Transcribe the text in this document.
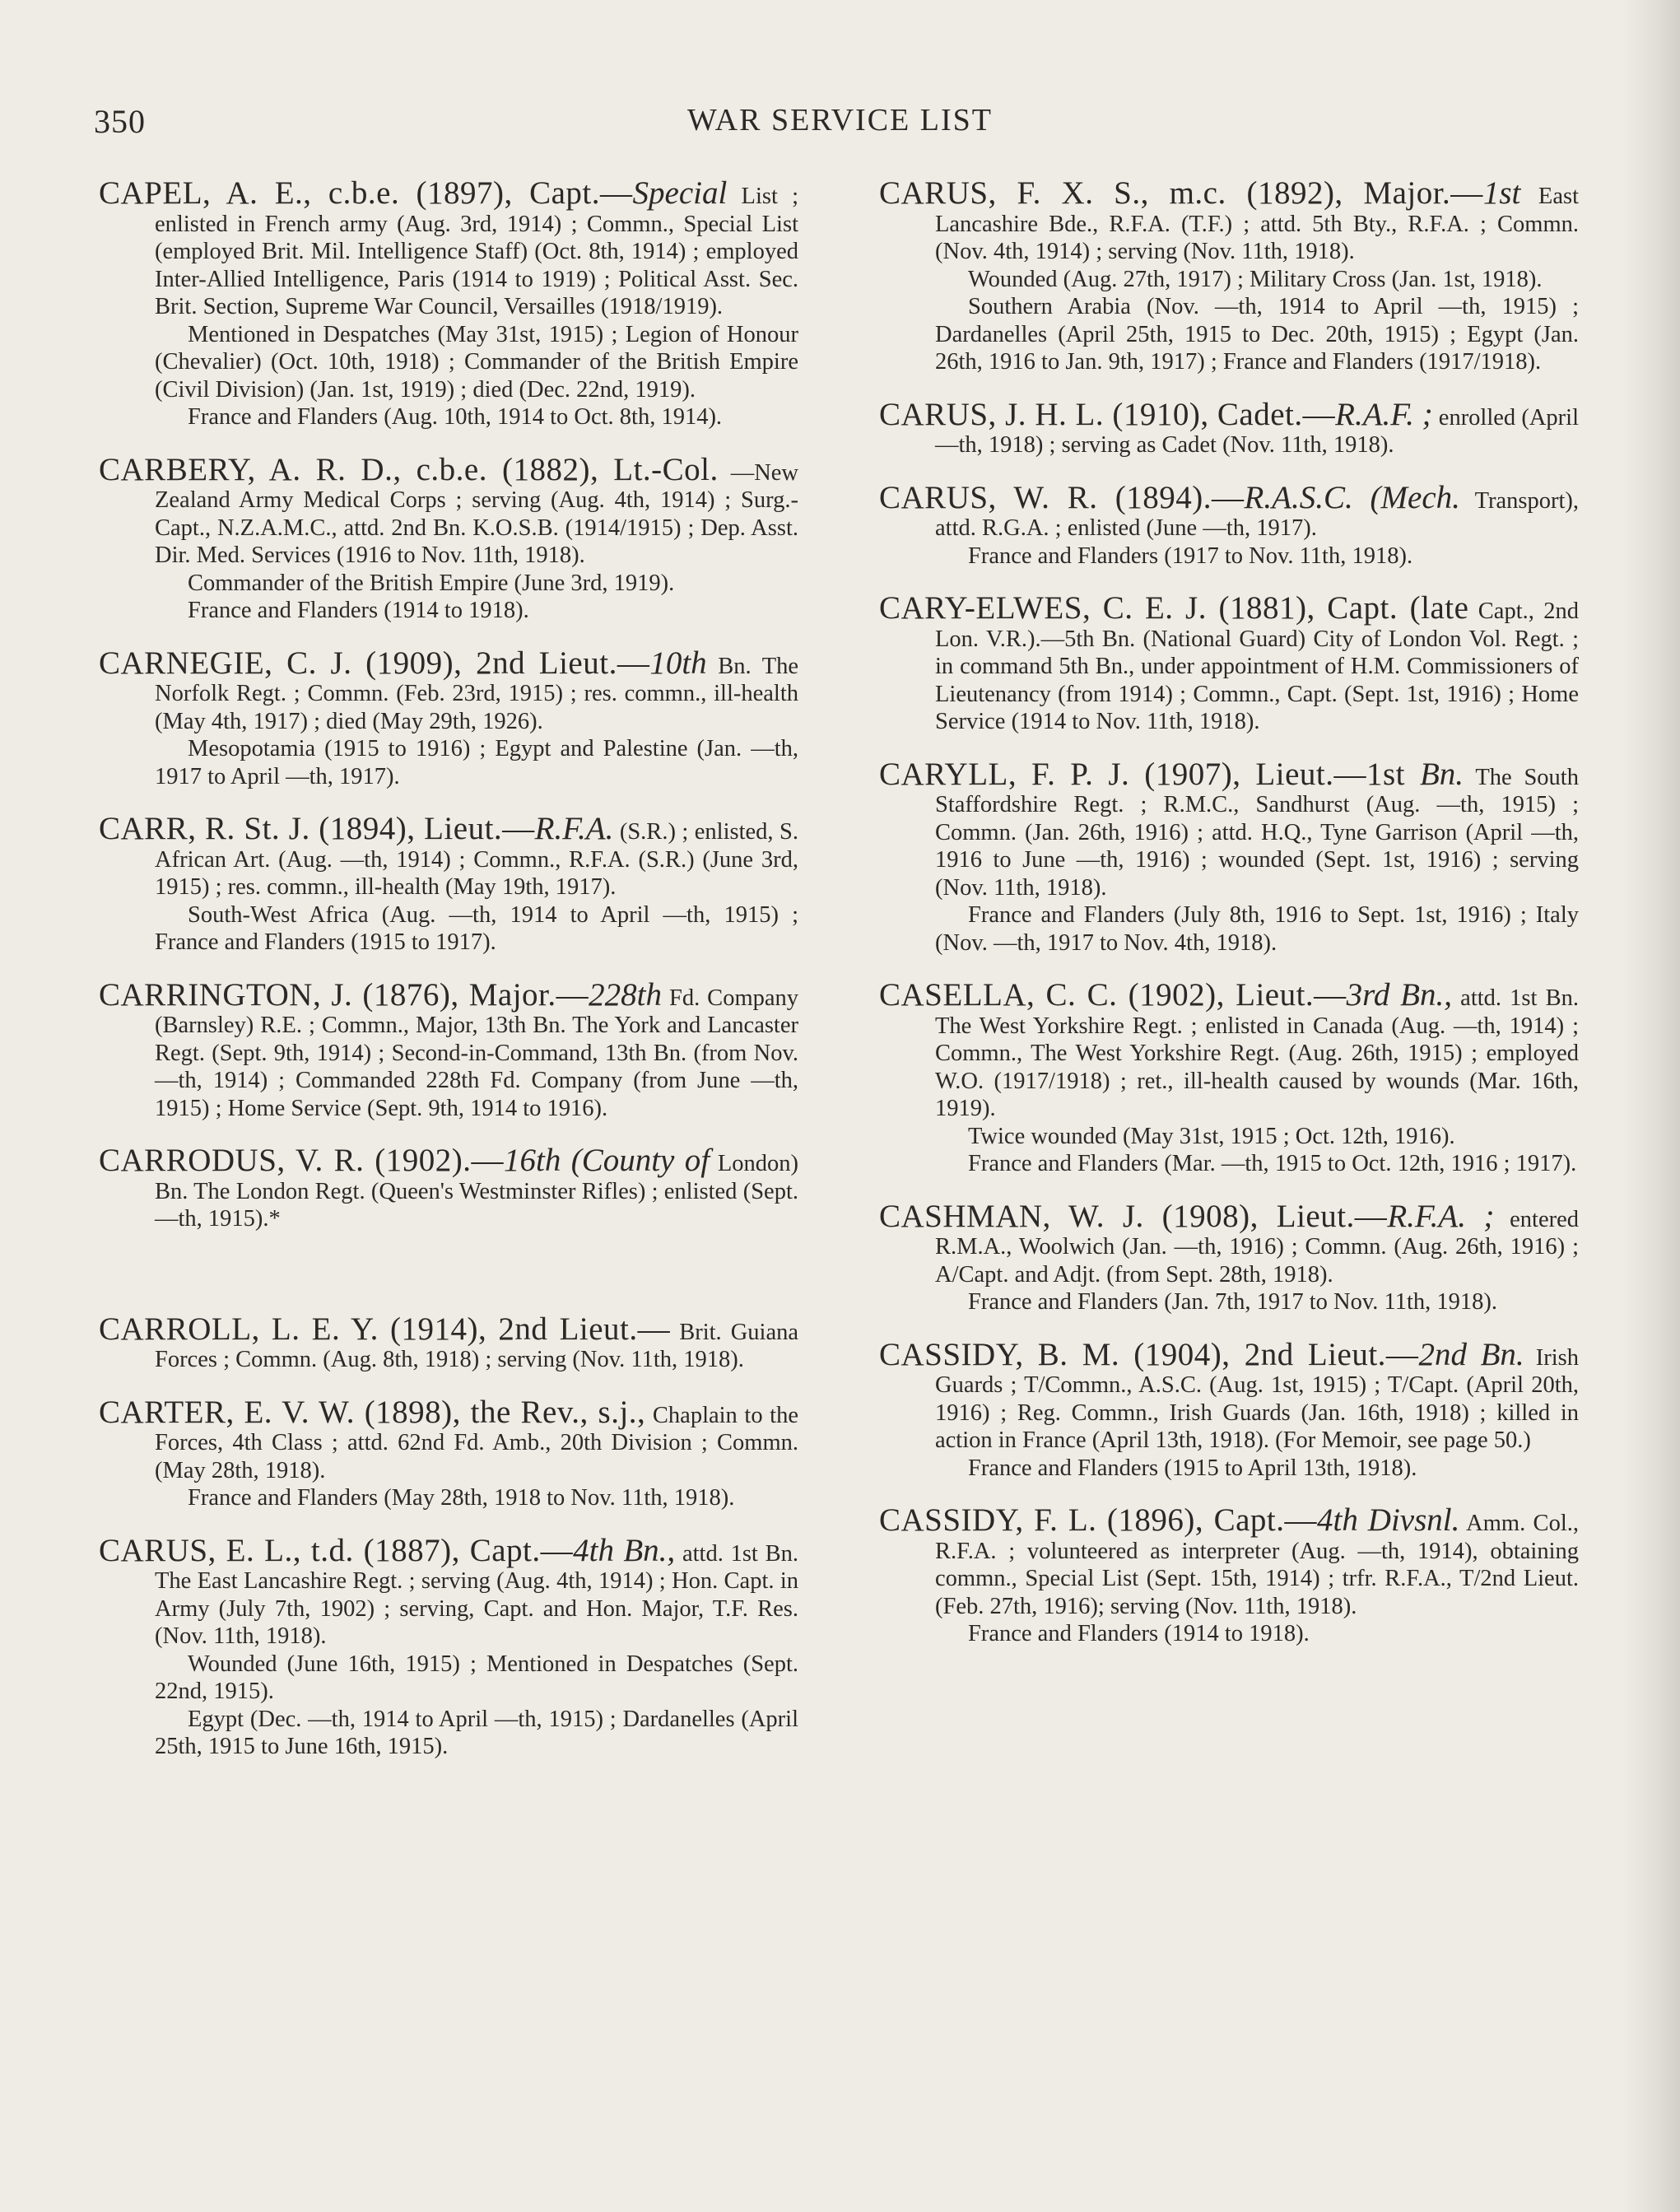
350	WAR SERVICE LIST

CAPEL, A. E., c.b.e. (1897), Capt.—Special List ; enlisted in French army (Aug. 3rd, 1914) ; Commn., Special List (employed Brit. Mil. Intelligence Staff) (Oct. 8th, 1914) ; employed Inter-Allied Intelligence, Paris (1914 to 1919) ; Political Asst. Sec. Brit. Section, Supreme War Council, Versailles (1918/1919).

Mentioned in Despatches (May 31st, 1915) ; Legion of Honour (Chevalier) (Oct. 10th, 1918) ; Commander of the British Empire (Civil Division) (Jan. 1st, 1919) ; died (Dec. 22nd, 1919).

France and Flanders (Aug. 10th, 1914 to Oct. 8th, 1914).

CARBERY, A. R. D., c.b.e. (1882), Lt.-Col. —New Zealand Army Medical Corps ; serving (Aug. 4th, 1914) ; Surg.-Capt., N.Z.A.M.C., attd. 2nd Bn. K.O.S.B. (1914/1915) ; Dep. Asst. Dir. Med. Services (1916 to Nov. 11th, 1918).

Commander of the British Empire (June 3rd, 1919).

France and Flanders (1914 to 1918).

CARNEGIE, C. J. (1909), 2nd Lieut.—10th Bn. The Norfolk Regt. ; Commn. (Feb. 23rd, 1915) ; res. commn., ill-health (May 4th, 1917) ; died (May 29th, 1926).

Mesopotamia (1915 to 1916) ; Egypt and Palestine (Jan. —th, 1917 to April —th, 1917).

CARR, R. St. J. (1894), Lieut.—R.F.A. (S.R.) ; enlisted, S. African Art. (Aug. —th, 1914) ; Commn., R.F.A. (S.R.) (June 3rd, 1915) ; res. commn., ill-health (May 19th, 1917).

South-West Africa (Aug. —th, 1914 to April —th, 1915) ; France and Flanders (1915 to 1917).

CARRINGTON, J. (1876), Major.—228th Fd. Company (Barnsley) R.E. ; Commn., Major, 13th Bn. The York and Lancaster Regt. (Sept. 9th, 1914) ; Second-in-Command, 13th Bn. (from Nov. —th, 1914) ; Commanded 228th Fd. Company (from June —th, 1915) ; Home Service (Sept. 9th, 1914 to 1916).

CARRODUS, V. R. (1902).—16th (County of London) Bn. The London Regt. (Queen's Westminster Rifles) ; enlisted (Sept. —th, 1915).*

CARROLL, L. E. Y. (1914), 2nd Lieut.— Brit. Guiana Forces ; Commn. (Aug. 8th, 1918) ; serving (Nov. 11th, 1918).

CARTER, E. V. W. (1898), the Rev., s.j., Chaplain to the Forces, 4th Class ; attd. 62nd Fd. Amb., 20th Division ; Commn. (May 28th, 1918).

France and Flanders (May 28th, 1918 to Nov. 11th, 1918).

CARUS, E. L., t.d. (1887), Capt.—4th Bn., attd. 1st Bn. The East Lancashire Regt. ; serving (Aug. 4th, 1914) ; Hon. Capt. in Army (July 7th, 1902) ; serving, Capt. and Hon. Major, T.F. Res. (Nov. 11th, 1918).

Wounded (June 16th, 1915) ; Mentioned in Despatches (Sept. 22nd, 1915).

Egypt (Dec. —th, 1914 to April —th, 1915) ; Dardanelles (April 25th, 1915 to June 16th, 1915).

CARUS, F. X. S., m.c. (1892), Major.—1st East Lancashire Bde., R.F.A. (T.F.) ; attd. 5th Bty., R.F.A. ; Commn. (Nov. 4th, 1914) ; serving (Nov. 11th, 1918).

Wounded (Aug. 27th, 1917) ; Military Cross (Jan. 1st, 1918).

Southern Arabia (Nov. —th, 1914 to April —th, 1915) ; Dardanelles (April 25th, 1915 to Dec. 20th, 1915) ; Egypt (Jan. 26th, 1916 to Jan. 9th, 1917) ; France and Flanders (1917/1918).

CARUS, J. H. L. (1910), Cadet.—R.A.F. ; enrolled (April —th, 1918) ; serving as Cadet (Nov. 11th, 1918).

CARUS, W. R. (1894).—R.A.S.C. (Mech. Transport), attd. R.G.A. ; enlisted (June —th, 1917).

France and Flanders (1917 to Nov. 11th, 1918).

CARY-ELWES, C. E. J. (1881), Capt. (late Capt., 2nd Lon. V.R.).—5th Bn. (National Guard) City of London Vol. Regt. ; in command 5th Bn., under appointment of H.M. Commissioners of Lieutenancy (from 1914) ; Commn., Capt. (Sept. 1st, 1916) ; Home Service (1914 to Nov. 11th, 1918).

CARYLL, F. P. J. (1907), Lieut.—1st Bn. The South Staffordshire Regt. ; R.M.C., Sandhurst (Aug. —th, 1915) ; Commn. (Jan. 26th, 1916) ; attd. H.Q., Tyne Garrison (April —th, 1916 to June —th, 1916) ; wounded (Sept. 1st, 1916) ; serving (Nov. 11th, 1918).

France and Flanders (July 8th, 1916 to Sept. 1st, 1916) ; Italy (Nov. —th, 1917 to Nov. 4th, 1918).

CASELLA, C. C. (1902), Lieut.—3rd Bn., attd. 1st Bn. The West Yorkshire Regt. ; enlisted in Canada (Aug. —th, 1914) ; Commn., The West Yorkshire Regt. (Aug. 26th, 1915) ; employed W.O. (1917/1918) ; ret., ill-health caused by wounds (Mar. 16th, 1919).

Twice wounded (May 31st, 1915 ; Oct. 12th, 1916).

France and Flanders (Mar. —th, 1915 to Oct. 12th, 1916 ; 1917).

CASHMAN, W. J. (1908), Lieut.—R.F.A. ; entered R.M.A., Woolwich (Jan. —th, 1916) ; Commn. (Aug. 26th, 1916) ; A/Capt. and Adjt. (from Sept. 28th, 1918).

France and Flanders (Jan. 7th, 1917 to Nov. 11th, 1918).

CASSIDY, B. M. (1904), 2nd Lieut.—2nd Bn. Irish Guards ; T/Commn., A.S.C. (Aug. 1st, 1915) ; T/Capt. (April 20th, 1916) ; Reg. Commn., Irish Guards (Jan. 16th, 1918) ; killed in action in France (April 13th, 1918). (For Memoir, see page 50.)

France and Flanders (1915 to April 13th, 1918).

CASSIDY, F. L. (1896), Capt.—4th Divsnl. Amm. Col., R.F.A. ; volunteered as interpreter (Aug. —th, 1914), obtaining commn., Special List (Sept. 15th, 1914) ; trfr. R.F.A., T/2nd Lieut.(Feb. 27th, 1916); serving (Nov. 11th, 1918).

France and Flanders (1914 to 1918).
